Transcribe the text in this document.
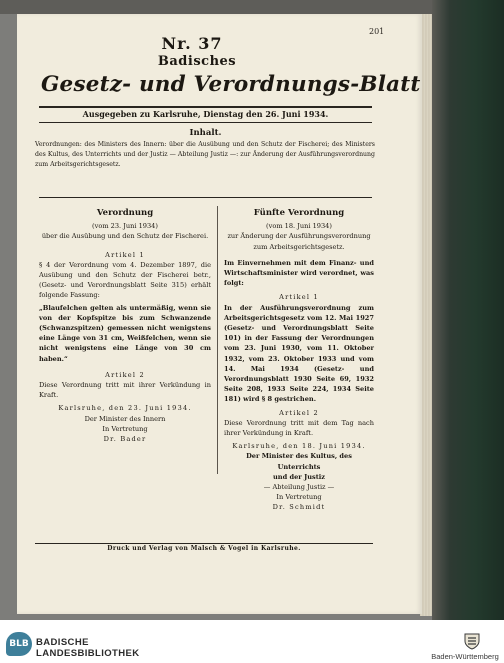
201
Nr. 37
Badisches
Gesetz- und Verordnungs-Blatt
Ausgegeben zu Karlsruhe, Dienstag den 26. Juni 1934.
Inhalt.
Verordnungen: des Ministers des Innern: über die Ausübung und den Schutz der Fischerei; des Ministers des Kultus, des Unterrichts und der Justiz — Abteilung Justiz —: zur Änderung der Ausführungsverordnung zum Arbeitsgerichtsgesetz.
Verordnung
(vom 23. Juni 1934)
über die Ausübung und den Schutz der Fischerei.
Artikel 1
§ 4 der Verordnung vom 4. Dezember 1897, die Ausübung und den Schutz der Fischerei betr., (Gesetz- und Verordnungsblatt Seite 315) erhält folgende Fassung:
„Blaufelchen gelten als untermäßig, wenn sie von der Kopfspitze bis zum Schwanzende (Schwanzspitzen) gemessen nicht wenigstens eine Länge von 31 cm, Weißfelchen, wenn sie nicht wenigstens eine Länge von 30 cm haben.“
Artikel 2
Diese Verordnung tritt mit ihrer Verkündung in Kraft.
Karlsruhe, den 23. Juni 1934.
Der Minister des Innern
In Vertretung
Dr. Bader
Fünfte Verordnung
(vom 18. Juni 1934)
zur Änderung der Ausführungsverordnung zum Arbeitsgerichtsgesetz.
Im Einvernehmen mit dem Finanz- und Wirtschaftsminister wird verordnet, was folgt:
Artikel 1
In der Ausführungsverordnung zum Arbeitsgerichtsgesetz vom 12. Mai 1927 (Gesetz- und Verordnungsblatt Seite 101) in der Fassung der Verordnungen vom 23. Juni 1930, vom 11. Oktober 1932, vom 23. Oktober 1933 und vom 14. Mai 1934 (Gesetz- und Verordnungsblatt 1930 Seite 69, 1932 Seite 208, 1933 Seite 224, 1934 Seite 181) wird § 8 gestrichen.
Artikel 2
Diese Verordnung tritt mit dem Tag nach ihrer Verkündung in Kraft.
Karlsruhe, den 18. Juni 1934.
Der Minister des Kultus, des Unterrichts
und der Justiz
— Abteilung Justiz —
In Vertretung
Dr. Schmidt
Druck und Verlag von Malsch & Vogel in Karlsruhe.
BLB BADISCHE
LANDESBIBLIOTHEK	Baden-Württemberg
